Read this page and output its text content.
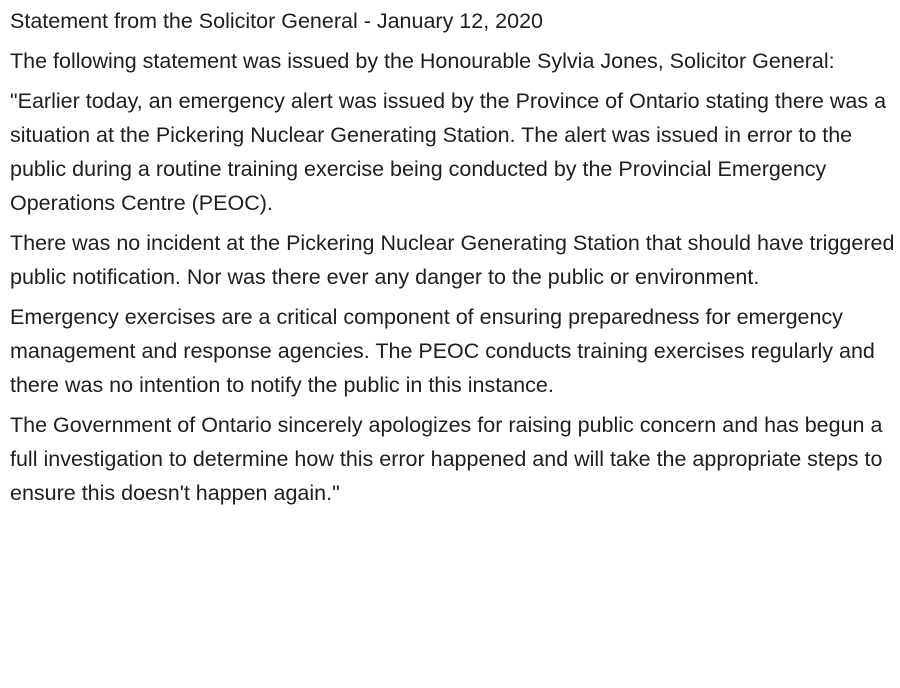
Statement from the Solicitor General - January 12, 2020

The following statement was issued by the Honourable Sylvia Jones, Solicitor General:

"Earlier today, an emergency alert was issued by the Province of Ontario stating there was a situation at the Pickering Nuclear Generating Station. The alert was issued in error to the public during a routine training exercise being conducted by the Provincial Emergency Operations Centre (PEOC).

There was no incident at the Pickering Nuclear Generating Station that should have triggered public notification. Nor was there ever any danger to the public or environment.

Emergency exercises are a critical component of ensuring preparedness for emergency management and response agencies. The PEOC conducts training exercises regularly and there was no intention to notify the public in this instance.

The Government of Ontario sincerely apologizes for raising public concern and has begun a full investigation to determine how this error happened and will take the appropriate steps to ensure this doesn't happen again."
